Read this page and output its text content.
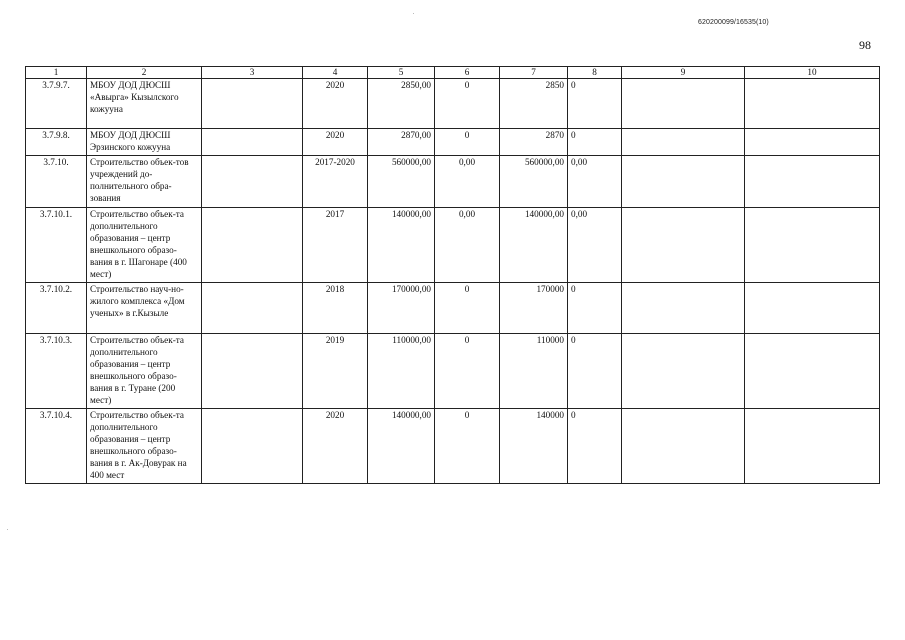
620200099/16535(10)
98
1	2	3	4	5	6	7	8	9	10
3.7.9.7.	МБОУ ДОД ДЮСШ «Авырга» Кызылского кожууна		2020	2850,00	0	2850	0		
3.7.9.8.	МБОУ ДОД ДЮСШ Эрзинского кожууна		2020	2870,00	0	2870	0		
3.7.10.	Строительство объек-тов учреждений до-полнительного обра-зования		2017-2020	560000,00	0,00	560000,00	0,00		
3.7.10.1.	Строительство объек-та дополнительного образования – центр внешкольного образо-вания в г. Шагонаре (400 мест)		2017	140000,00	0,00	140000,00	0,00		
3.7.10.2.	Строительство науч-но-жилого комплекса «Дом ученых» в г.Кызыле		2018	170000,00	0	170000	0		
3.7.10.3.	Строительство объек-та дополнительного образования – центр внешкольного образо-вания в г. Туране (200 мест)		2019	110000,00	0	110000	0		
3.7.10.4.	Строительство объек-та дополнительного образования – центр внешкольного образо-вания в г. Ак-Довурак на 400 мест		2020	140000,00	0	140000	0		
